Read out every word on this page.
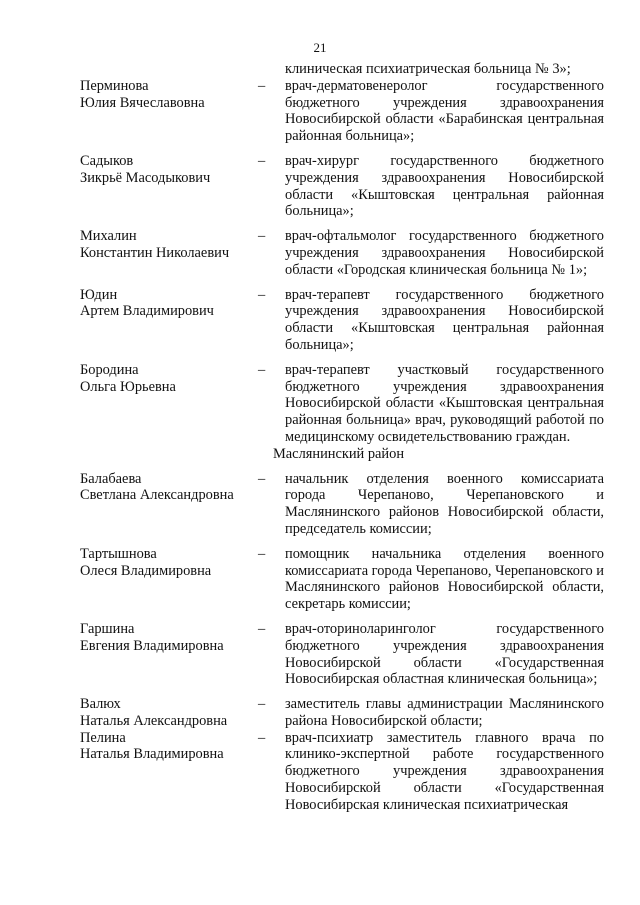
21
клиническая психиатрическая больница № 3»;
Перминова
Юлия Вячеславовна
–	врач-дерматовенеролог государственного бюджетного учреждения здравоохранения Новосибирской области «Барабинская центральная районная больница»;
Садыков
Зикрьё Масодыкович
–	врач-хирург государственного бюджетного учреждения здравоохранения Новосибирской области «Кыштовская центральная районная больница»;
Михалин
Константин Николаевич
–	врач-офтальмолог государственного бюджетного учреждения здравоохранения Новосибирской области «Городская клиническая больница № 1»;
Юдин
Артем Владимирович
–	врач-терапевт государственного бюджетного учреждения здравоохранения Новосибирской области «Кыштовская центральная районная больница»;
Бородина
Ольга Юрьевна
–	врач-терапевт участковый государственного бюджетного учреждения здравоохранения Новосибирской области «Кыштовская центральная районная больница» врач, руководящий работой по медицинскому освидетельствованию граждан.
Маслянинский район
Балабаева
Светлана Александровна
–	начальник отделения военного комиссариата города Черепаново, Черепановского и Маслянинского районов Новосибирской области, председатель комиссии;
Тартышнова
Олеся Владимировна
–	помощник начальника отделения военного комиссариата города Черепаново, Черепановского и Маслянинского районов Новосибирской области, секретарь комиссии;
Гаршина
Евгения Владимировна
–	врач-оториноларинголог государственного бюджетного учреждения здравоохранения Новосибирской области «Государственная Новосибирская областная клиническая больница»;
Валюх
Наталья Александровна
–	заместитель главы администрации Маслянинского района Новосибирской области;
Пелина
Наталья Владимировна
–	врач-психиатр заместитель главного врача по клинико-экспертной работе государственного бюджетного учреждения здравоохранения Новосибирской области «Государственная Новосибирская клиническая психиатрическая
